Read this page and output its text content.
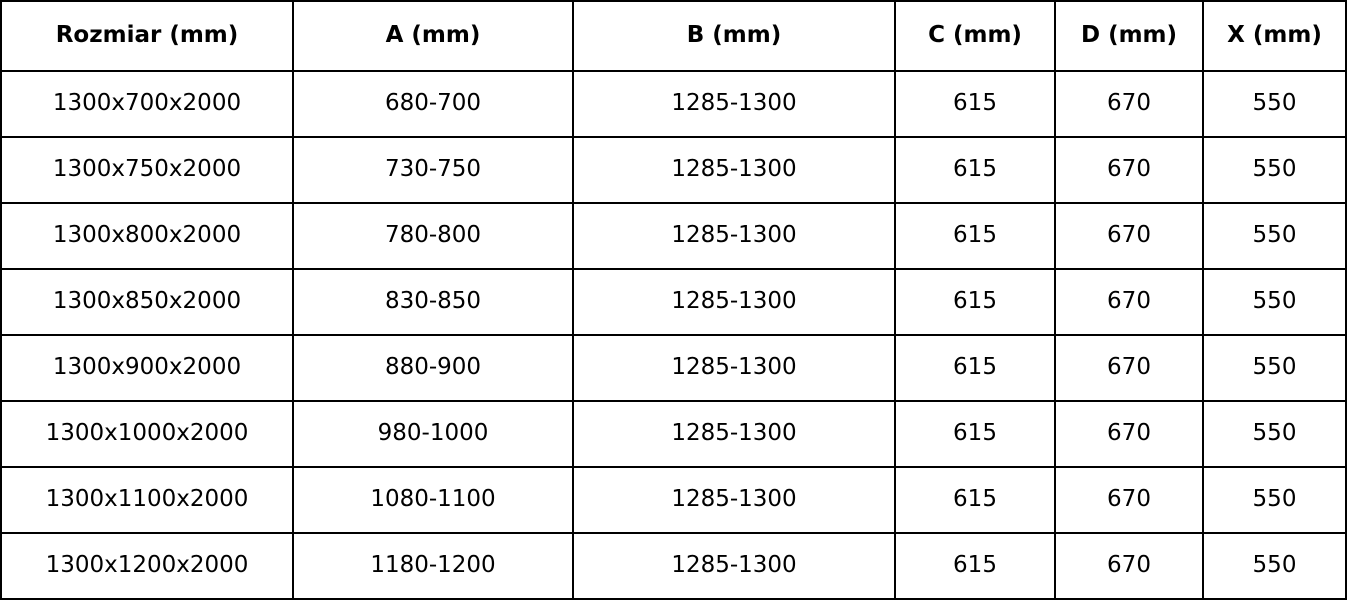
Rozmiar (mm)	A (mm)	B (mm)	C (mm)	D (mm)	X (mm)
1300x700x2000	680-700	1285-1300	615	670	550
1300x750x2000	730-750	1285-1300	615	670	550
1300x800x2000	780-800	1285-1300	615	670	550
1300x850x2000	830-850	1285-1300	615	670	550
1300x900x2000	880-900	1285-1300	615	670	550
1300x1000x2000	980-1000	1285-1300	615	670	550
1300x1100x2000	1080-1100	1285-1300	615	670	550
1300x1200x2000	1180-1200	1285-1300	615	670	550
